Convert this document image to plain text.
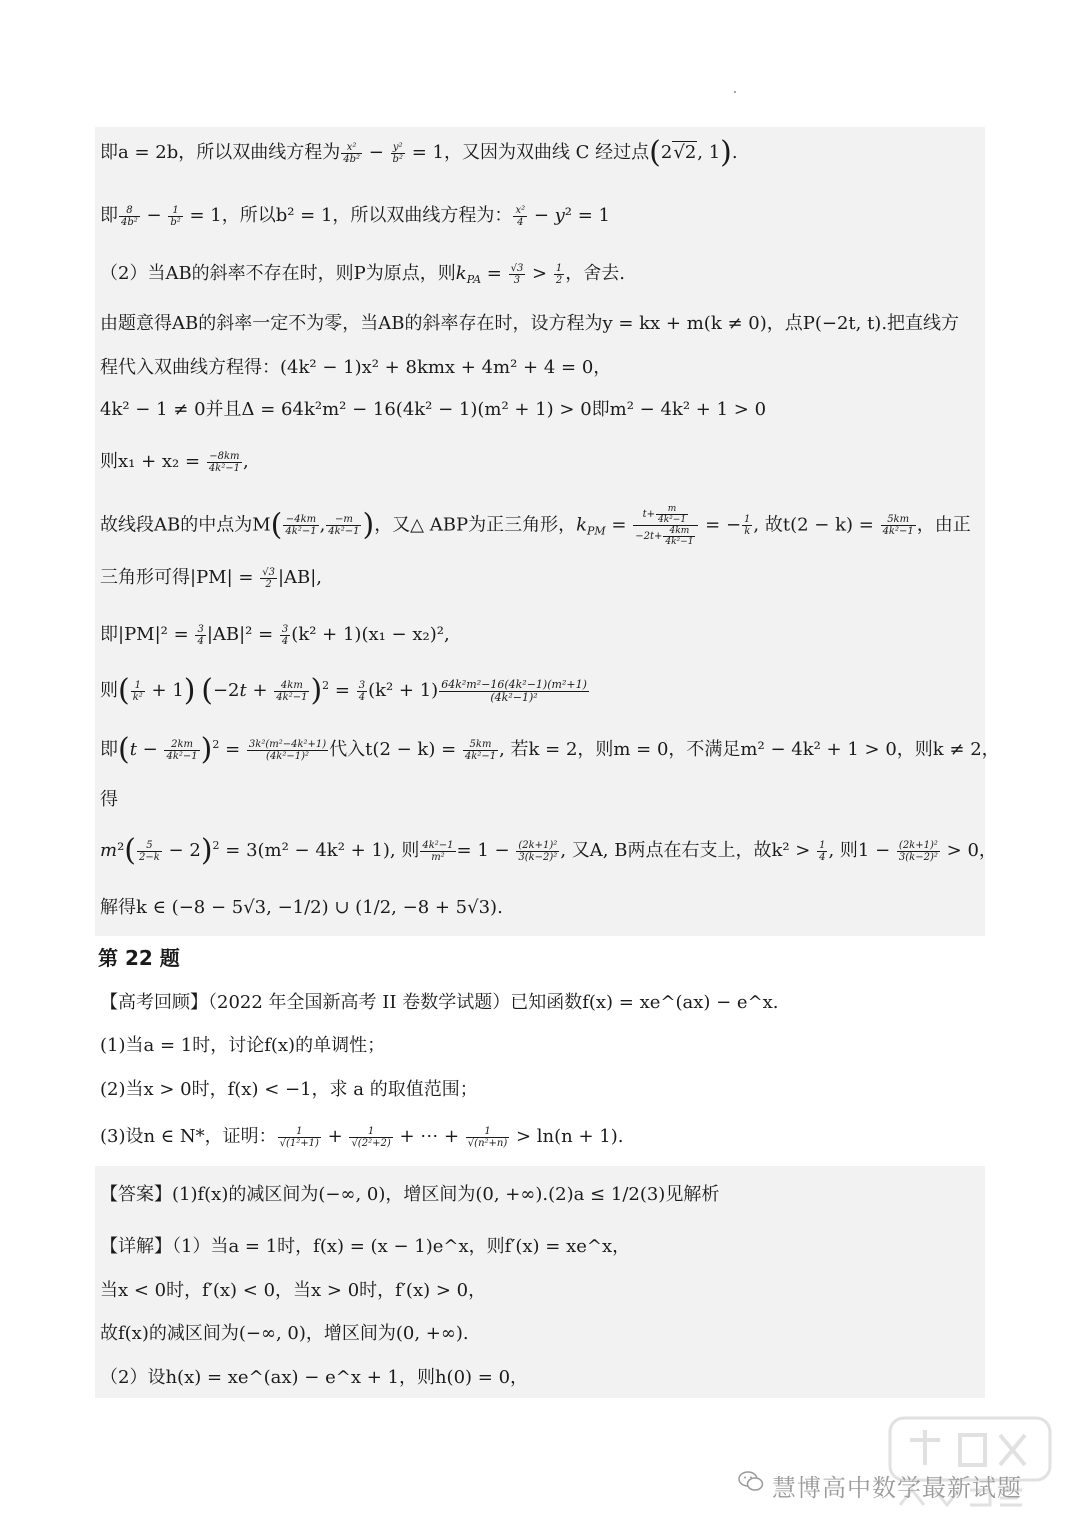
即a = 2b，所以双曲线方程为 $\frac{\text{x²}}{\text{4b²}} - \frac{\text{y²}}{\text{b²}} = 1$，又因为双曲线 C 经过点(2√2, 1).
即 $\frac{8}{\text{4b²}} - \frac{1}{\text{b²}} = 1$，所以b² = 1，所以双曲线方程为： $\frac{\text{x²}}{4} - y^2 = 1$
（2）当AB的斜率不存在时，则P为原点，则$k_{PA} = \frac{√3}{3} > \frac{1}{2}$ ，舍去.
由题意得AB的斜率一定不为零，当AB的斜率存在时，设方程为y = kx + m(k ≠ 0)，点P(−2t, t).把直线方
程代入双曲线方程得：(4k² − 1)x² + 8kmx + 4m² + 4 = 0，
4k² − 1 ≠ 0并且Δ = 64k²m² − 16(4k² − 1)(m² + 1) > 0即m² − 4k² + 1 > 0
则$x_1 + x_2 = \frac{-8km}{\text{4k²−1}}$ ,
故线段AB的中点为$M( \frac{-4km}{\text{4k²−1}}$ , $\frac{-m}{\text{4k²−1}}$ )，又△ ABP为正三角形，$k_{PM} = \frac{t+ \frac{m}{\text{4k²−1}}}{-2t+ \frac{4km}{\text{4k²−1}}}$ = − $\frac{1}{k}$ , 故$t(2 - k) = \frac{5km}{\text{4k²−1}}$ ，由正
三角形可得$|PM| = \frac{√3}{2} |AB|$,
即$|PM|^2 = \frac{3}{4} |AB|^2 = \frac{3}{4} (k^2 + 1)(x_1 - x_2)^2$,
则( $\frac{1}{\text{k²}} + 1$) $(-2t + \frac{4km}{\text{4k²−1}} )^2 = \frac{3}{4} (k^2 + 1) \frac{\text{64k²m²−16(4k²−1)(m²+1)}}{\text{(4k²−1)²}}$
即$(t - \frac{2km}{\text{4k²−1}} )^2 = \frac{\text{3k²(m²−4k²+1)}}{\text{(4k²−1)²}}$ 代入$t(2 - k) = \frac{5km}{\text{4k²−1}}$ , 若k = 2，则m = 0，不满足m² − 4k² + 1 > 0，则k ≠ 2，
得
$m^2( \frac{5}{2-k} - 2)^2 = 3(m^2 - 4k^2 + 1)$, 则 $\frac{\text{4k²−1}}{\text{m²}} = 1 - \frac{\text{(2k+1)²}}{\text{3(k−2)²}}$ , 又A, B两点在右支上，故$k^2 > \frac{1}{4}$ , 则$1 - \frac{\text{(2k+1)²}}{\text{3(k−2)²}} > 0$，
解得k ∈ (−8 − 5√3, −1/2) ∪ (1/2, −8 + 5√3).
第 22 题
【高考回顾】（2022 年全国新高考 II 卷数学试题）已知函数f(x) = xe^(ax) − e^x.
(1)当a = 1时，讨论f(x)的单调性；
(2)当x > 0时，f(x) < −1，求 a 的取值范围；
(3)设n ∈ N*，证明： $\frac{1}{\text{√(1²+1)}} + \frac{1}{\text{√(2²+2)}}$ + ⋯ + $\frac{1}{\text{√(n²+n)}} > \ln(n + 1)$.
【答案】(1)f(x)的减区间为(−∞, 0)，增区间为(0, +∞).(2)a ≤ 1/2(3)见解析
【详解】（1）当a = 1时，f(x) = (x − 1)e^x，则f′(x) = xe^x，
当x < 0时，f′(x) < 0，当x > 0时，f′(x) > 0，
故f(x)的减区间为(−∞, 0)，增区间为(0, +∞).
（2）设h(x) = xe^(ax) − e^x + 1，则h(0) = 0，
慧博高中数学最新试题
